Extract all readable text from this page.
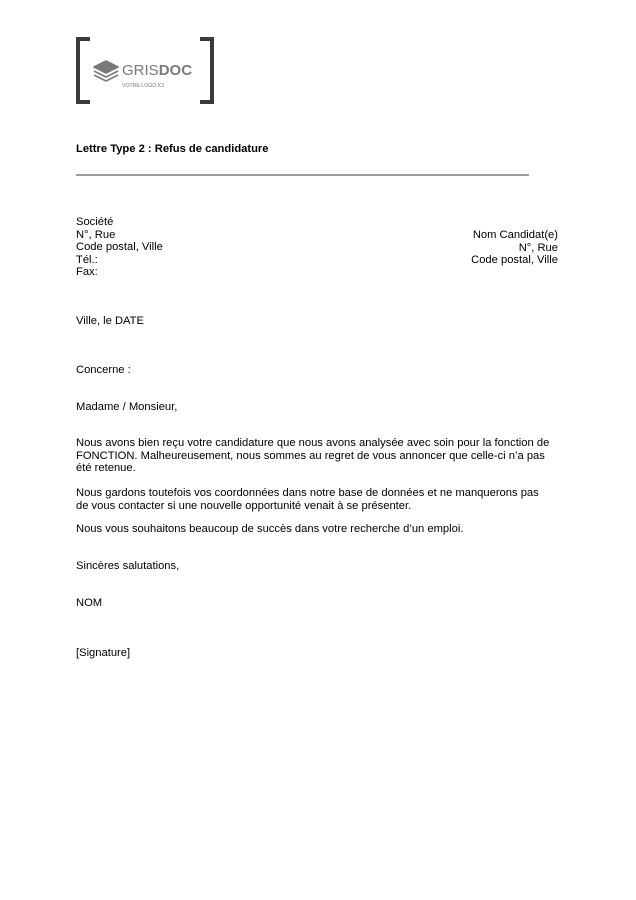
GRISDOC
VOTRE LOGO ICI
Lettre Type 2 : Refus de candidature
Société
N°, Rue
Code postal, Ville
Tél.:
Fax:
Nom Candidat(e)
N°, Rue
Code postal, Ville
Ville, le DATE
Concerne :
Madame / Monsieur,
Nous avons bien reçu votre candidature que nous avons analysée avec soin pour la fonction de
FONCTION. Malheureusement, nous sommes au regret de vous annoncer que celle-ci n’a pas
été retenue.
Nous gardons toutefois vos coordonnées dans notre base de données et ne manquerons pas
de vous contacter si une nouvelle opportunité venait à se présenter.
Nous vous souhaitons beaucoup de succès dans votre recherche d’un emploi.
Sincères salutations,
NOM
[Signature]
